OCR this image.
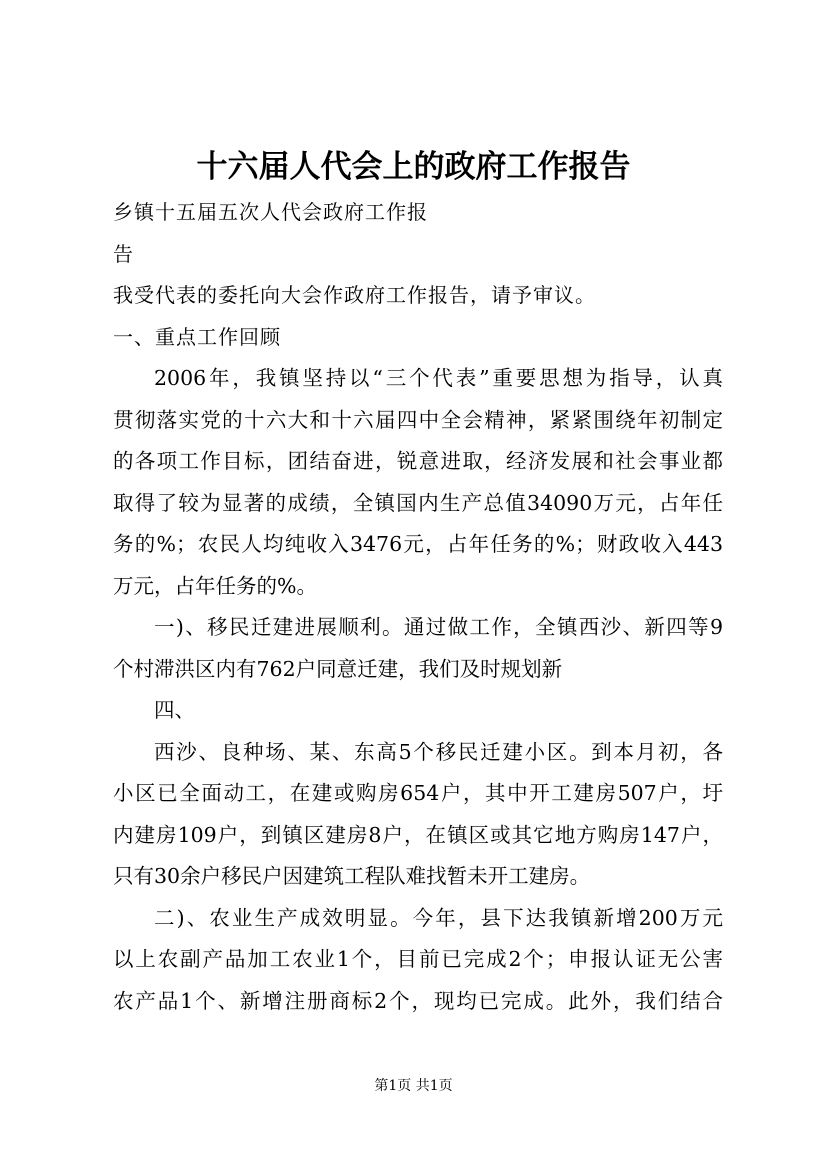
十六届人代会上的政府工作报告
乡镇十五届五次人代会政府工作报
告
我受代表的委托向大会作政府工作报告，请予审议。
一、重点工作回顾
2006年，我镇坚持以“三个代表”重要思想为指导，认真
贯彻落实党的十六大和十六届四中全会精神，紧紧围绕年初制定
的各项工作目标，团结奋进，锐意进取，经济发展和社会事业都
取得了较为显著的成绩，全镇国内生产总值34090万元，占年任
务的%；农民人均纯收入3476元，占年任务的%；财政收入443
万元，占年任务的%。
一)、移民迁建进展顺利。通过做工作，全镇西沙、新四等9
个村滞洪区内有762户同意迁建，我们及时规划新
四、
西沙、良种场、某、东高5个移民迁建小区。到本月初，各
小区已全面动工，在建或购房654户，其中开工建房507户，圩
内建房109户，到镇区建房8户，在镇区或其它地方购房147户，
只有30余户移民户因建筑工程队难找暂未开工建房。
二)、农业生产成效明显。今年，县下达我镇新增200万元
以上农副产品加工农业1个，目前已完成2个；申报认证无公害
农产品1个、新增注册商标2个，现均已完成。此外，我们结合
第1页 共1页
